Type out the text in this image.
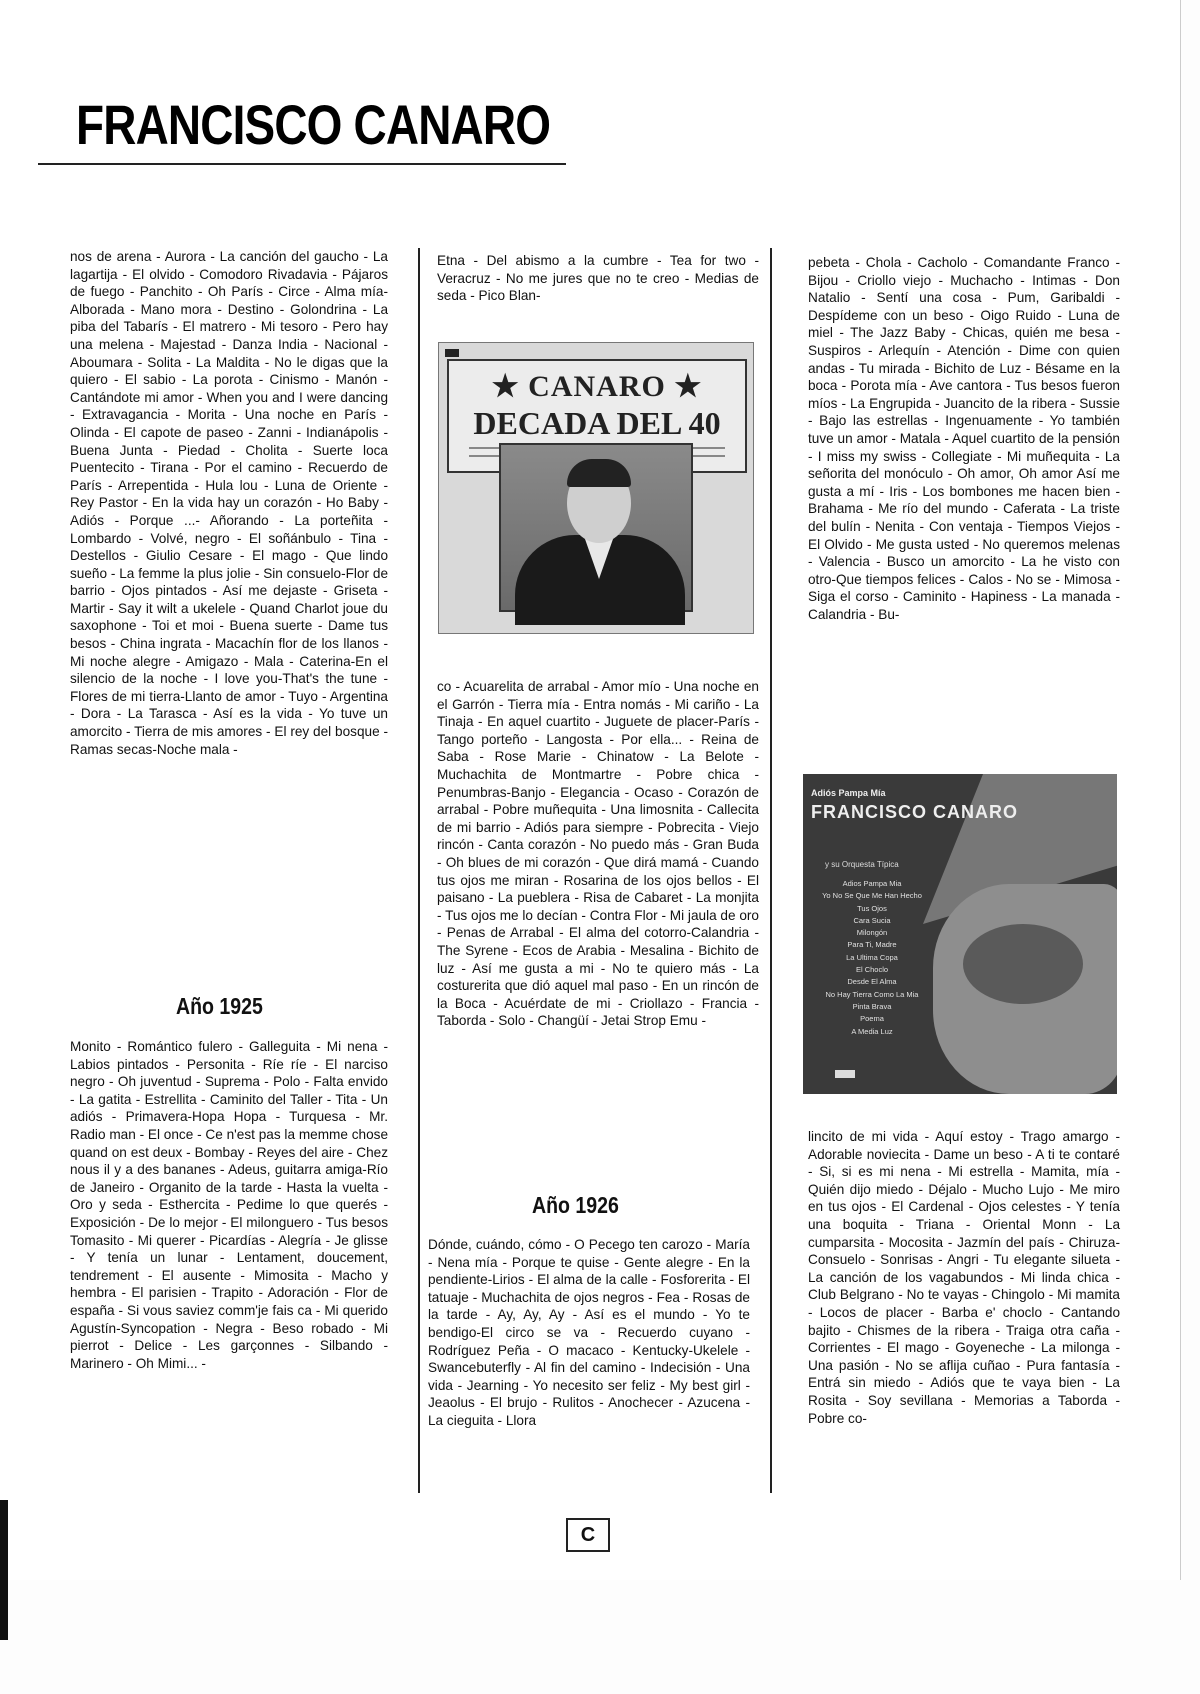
FRANCISCO CANARO

nos de arena - Aurora - La canción del gaucho - La lagartija - El olvido - Comodoro Rivadavia - Pájaros de fuego - Panchito - Oh París - Circe - Alma mía-Alborada - Mano mora - Destino - Golondrina - La piba del Tabarís - El matrero - Mi tesoro - Pero hay una melena - Majestad - Danza India - Nacional - Aboumara - Solita - La Maldita - No le digas que la quiero - El sabio - La porota - Cinismo - Manón - Cantándote mi amor - When you and I were dancing - Extravagancia - Morita - Una noche en París - Olinda - El capote de paseo - Zanni - Indianápolis - Buena Junta - Piedad - Cholita - Suerte loca Puentecito - Tirana - Por el camino - Recuerdo de París - Arrepentida - Hula lou - Luna de Oriente - Rey Pastor - En la vida hay un corazón - Ho Baby - Adiós - Porque ...- Añorando - La porteñita - Lombardo - Volvé, negro - El soñánbulo - Tina - Destellos - Giulio Cesare - El mago - Que lindo sueño - La femme la plus jolie - Sin consuelo-Flor de barrio - Ojos pintados - Así me dejaste - Griseta - Martir - Say it wilt a ukelele - Quand Charlot joue du saxophone - Toi et moi - Buena suerte - Dame tus besos - China ingrata - Macachín flor de los llanos - Mi noche alegre - Amigazo - Mala - Caterina-En el silencio de la noche - I love you-That's the tune - Flores de mi tierra-Llanto de amor - Tuyo - Argentina - Dora - La Tarasca - Así es la vida - Yo tuve un amorcito - Tierra de mis amores - El rey del bosque - Ramas secas-Noche mala -

Año 1925

Monito - Romántico fulero - Galleguita - Mi nena - Labios pintados - Personita - Ríe ríe - El narciso negro - Oh juventud - Suprema - Polo - Falta envido - La gatita - Estrellita - Caminito del Taller - Tita - Un adiós - Primavera-Hopa Hopa - Turquesa - Mr. Radio man - El once - Ce n'est pas la memme chose quand on est deux - Bombay - Reyes del aire - Chez nous il y a des bananes - Adeus, guitarra amiga-Río de Janeiro - Organito de la tarde - Hasta la vuelta - Oro y seda - Esthercita - Pedime lo que querés - Exposición - De lo mejor - El milonguero - Tus besos Tomasito - Mi querer - Picardías - Alegría - Je glisse - Y tenía un lunar - Lentament, doucement, tendrement - El ausente - Mimosita - Macho y hembra - El parisien - Trapito - Adoración - Flor de españa - Si vous saviez comm'je fais ca - Mi querido Agustín-Syncopation - Negra - Beso robado - Mi pierrot - Delice - Les garçonnes - Silbando - Marinero - Oh Mimi... -

Etna - Del abismo a la cumbre - Tea for two - Veracruz - No me jures que no te creo - Medias de seda - Pico Blan-

★ CANARO ★
DECADA DEL 40

co - Acuarelita de arrabal - Amor mío - Una noche en el Garrón - Tierra mía - Entra nomás - Mi cariño - La Tinaja - En aquel cuartito - Juguete de placer-París - Tango porteño - Langosta - Por ella... - Reina de Saba - Rose Marie - Chinatow - La Belote - Muchachita de Montmartre - Pobre chica - Penumbras-Banjo - Elegancia - Ocaso - Corazón de arrabal - Pobre muñequita - Una limosnita - Callecita de mi barrio - Adiós para siempre - Pobrecita - Viejo rincón - Canta corazón - No puedo más - Gran Buda - Oh blues de mi corazón - Que dirá mamá - Cuando tus ojos me miran - Rosarina de los ojos bellos - El paisano - La pueblera - Risa de Cabaret - La monjita - Tus ojos me lo decían - Contra Flor - Mi jaula de oro - Penas de Arrabal - El alma del cotorro-Calandria - The Syrene - Ecos de Arabia - Mesalina - Bichito de luz - Así me gusta a mi - No te quiero más - La costurerita que dió aquel mal paso - En un rincón de la Boca - Acuérdate de mi - Criollazo - Francia - Taborda - Solo - Changüí - Jetai Strop Emu -

Año 1926

Dónde, cuándo, cómo - O Pecego ten carozo - María - Nena mía - Porque te quise - Gente alegre - En la pendiente-Lirios - El alma de la calle - Fosforerita - El tatuaje - Muchachita de ojos negros - Fea - Rosas de la tarde - Ay, Ay, Ay - Así es el mundo - Yo te bendigo-El circo se va - Recuerdo cuyano - Rodríguez Peña - O macaco - Kentucky-Ukelele - Swancebuterfly - Al fin del camino - Indecisión - Una vida - Jearning - Yo necesito ser feliz - My best girl - Jeaolus - El brujo - Rulitos - Anochecer - Azucena - La cieguita - Llora

pebeta - Chola - Cacholo - Comandante Franco - Bijou - Criollo viejo - Muchacho - Intimas - Don Natalio - Sentí una cosa - Pum, Garibaldi - Despídeme con un beso - Oigo Ruido - Luna de miel - The Jazz Baby - Chicas, quién me besa - Suspiros - Arlequín - Atención - Dime con quien andas - Tu mirada - Bichito de Luz - Bésame en la boca - Porota mía - Ave cantora - Tus besos fueron míos - La Engrupida - Juancito de la ribera - Sussie - Bajo las estrellas - Ingenuamente - Yo también tuve un amor - Matala - Aquel cuartito de la pensión - I miss my swiss - Collegiate - Mi muñequita - La señorita del monóculo - Oh amor, Oh amor Así me gusta a mí - Iris - Los bombones me hacen bien - Brahama - Me río del mundo - Caferata - La triste del bulín - Nenita - Con ventaja - Tiempos Viejos - El Olvido - Me gusta usted - No queremos melenas - Valencia - Busco un amorcito - La he visto con otro-Que tiempos felices - Calos - No se - Mimosa - Siga el corso - Caminito - Hapiness - La manada - Calandria - Bu-

Adiós Pampa Mía
FRANCISCO CANARO
y su Orquesta Típica
Adios Pampa Mia
Yo No Se Que Me Han Hecho Tus Ojos
Cara Sucia
Milongón
Para Ti, Madre
La Ultima Copa
El Choclo
Desde El Alma
No Hay Tierra Como La Mia
Pinta Brava
Poema
A Media Luz

lincito de mi vida - Aquí estoy - Trago amargo - Adorable noviecita - Dame un beso - A ti te contaré - Si, si es mi nena - Mi estrella - Mamita, mía - Quién dijo miedo - Déjalo - Mucho Lujo - Me miro en tus ojos - El Cardenal - Ojos celestes - Y tenía una boquita - Triana - Oriental Monn - La cumparsita - Mocosita - Jazmín del país - Chiruza-Consuelo - Sonrisas - Angri - Tu elegante silueta - La canción de los vagabundos - Mi linda chica - Club Belgrano - No te vayas - Chingolo - Mi mamita - Locos de placer - Barba e' choclo - Cantando bajito - Chismes de la ribera - Traiga otra caña - Corrientes - El mago - Goyeneche - La milonga - Una pasión - No se aflija cuñao - Pura fantasía - Entrá sin miedo - Adiós que te vaya bien - La Rosita - Soy sevillana - Memorias a Taborda - Pobre co-

C
